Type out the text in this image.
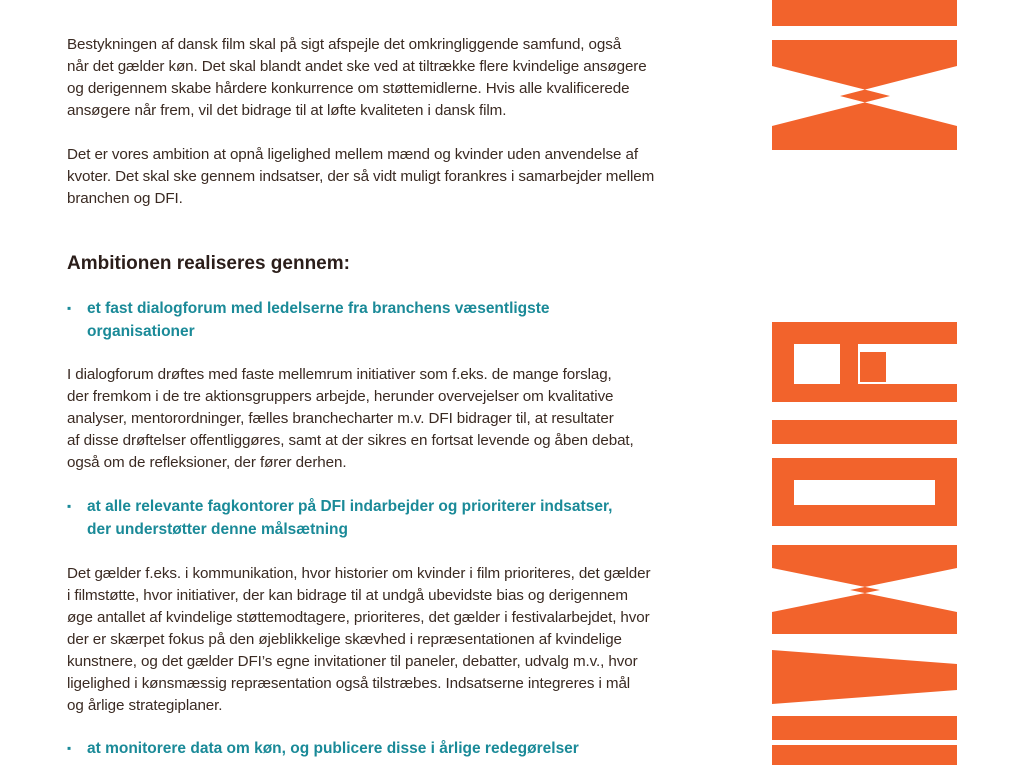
Bestykningen af dansk film skal på sigt afspejle det omkringliggende samfund, også
når det gælder køn. Det skal blandt andet ske ved at tiltrække flere kvindelige ansøgere
og derigennem skabe hårdere konkurrence om støttemidlerne. Hvis alle kvalificerede
ansøgere når frem, vil det bidrage til at løfte kvaliteten i dansk film.
Det er vores ambition at opnå ligelighed mellem mænd og kvinder uden anvendelse af
kvoter. Det skal ske gennem indsatser, der så vidt muligt forankres i samarbejder mellem
branchen og DFI.
Ambitionen realiseres gennem:
▪ et fast dialogforum med ledelserne fra branchens væsentligste
organisationer
I dialogforum drøftes med faste mellemrum initiativer som f.eks. de mange forslag,
der fremkom i de tre aktionsgruppers arbejde, herunder overvejelser om kvalitative
analyser, mentorordninger, fælles branchecharter m.v. DFI bidrager til, at resultater
af disse drøftelser offentliggøres, samt at der sikres en fortsat levende og åben debat,
også om de refleksioner, der fører derhen.
▪ at alle relevante fagkontorer på DFI indarbejder og prioriterer indsatser,
der understøtter denne målsætning
Det gælder f.eks. i kommunikation, hvor historier om kvinder i film prioriteres, det gælder
i filmstøtte, hvor initiativer, der kan bidrage til at undgå ubevidste bias og derigennem
øge antallet af kvindelige støttemodtagere, prioriteres, det gælder i festivalarbejdet, hvor
der er skærpet fokus på den øjeblikkelige skævhed i repræsentationen af kvindelige
kunstnere, og det gælder DFI’s egne invitationer til paneler, debatter, udvalg m.v., hvor
ligelighed i kønsmæssig repræsentation også tilstræbes. Indsatserne integreres i mål
og årlige strategiplaner.
▪ at monitorere data om køn, og publicere disse i årlige redegørelser
